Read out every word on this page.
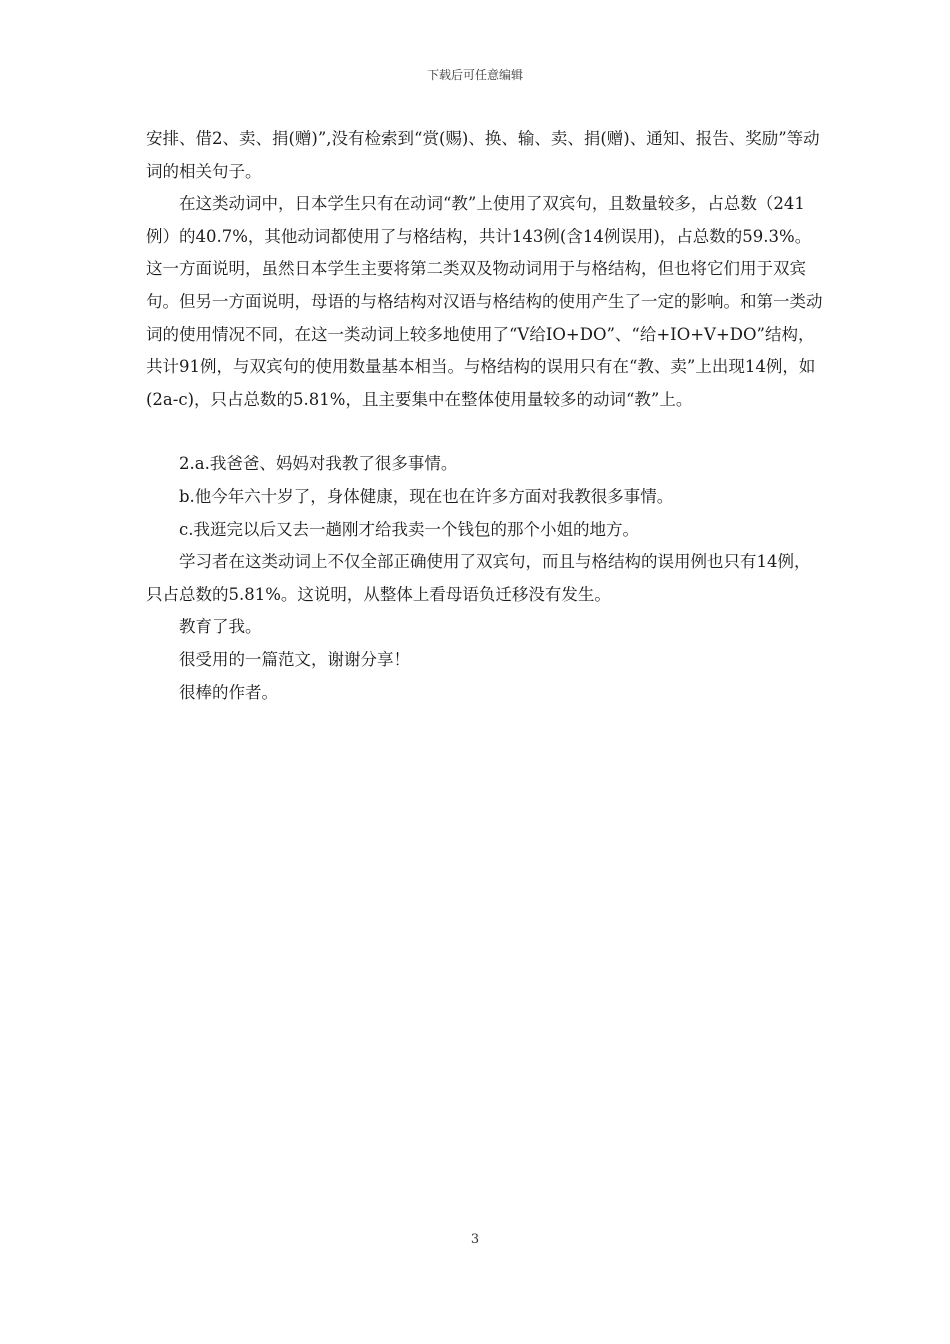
下载后可任意编辑

安排、借2、卖、捐(赠)”,没有检索到“赏(赐)、换、输、卖、捐(赠)、通知、报告、奖励”等动词的相关句子。

在这类动词中，日本学生只有在动词“教”上使用了双宾句，且数量较多，占总数（241例）的40.7%，其他动词都使用了与格结构，共计143例(含14例误用)，占总数的59.3%。这一方面说明，虽然日本学生主要将第二类双及物动词用于与格结构，但也将它们用于双宾句。但另一方面说明，母语的与格结构对汉语与格结构的使用产生了一定的影响。和第一类动词的使用情况不同，在这一类动词上较多地使用了“V给IO+DO”、“给+IO+V+DO”结构，共计91例，与双宾句的使用数量基本相当。与格结构的误用只有在“教、卖”上出现14例，如(2a-c)，只占总数的5.81%，且主要集中在整体使用量较多的动词“教”上。

2.a.我爸爸、妈妈对我教了很多事情。

b.他今年六十岁了，身体健康，现在也在许多方面对我教很多事情。

c.我逛完以后又去一趟刚才给我卖一个钱包的那个小姐的地方。

学习者在这类动词上不仅全部正确使用了双宾句，而且与格结构的误用例也只有14例，只占总数的5.81%。这说明，从整体上看母语负迁移没有发生。

教育了我。

很受用的一篇范文，谢谢分享！

很棒的作者。

3
